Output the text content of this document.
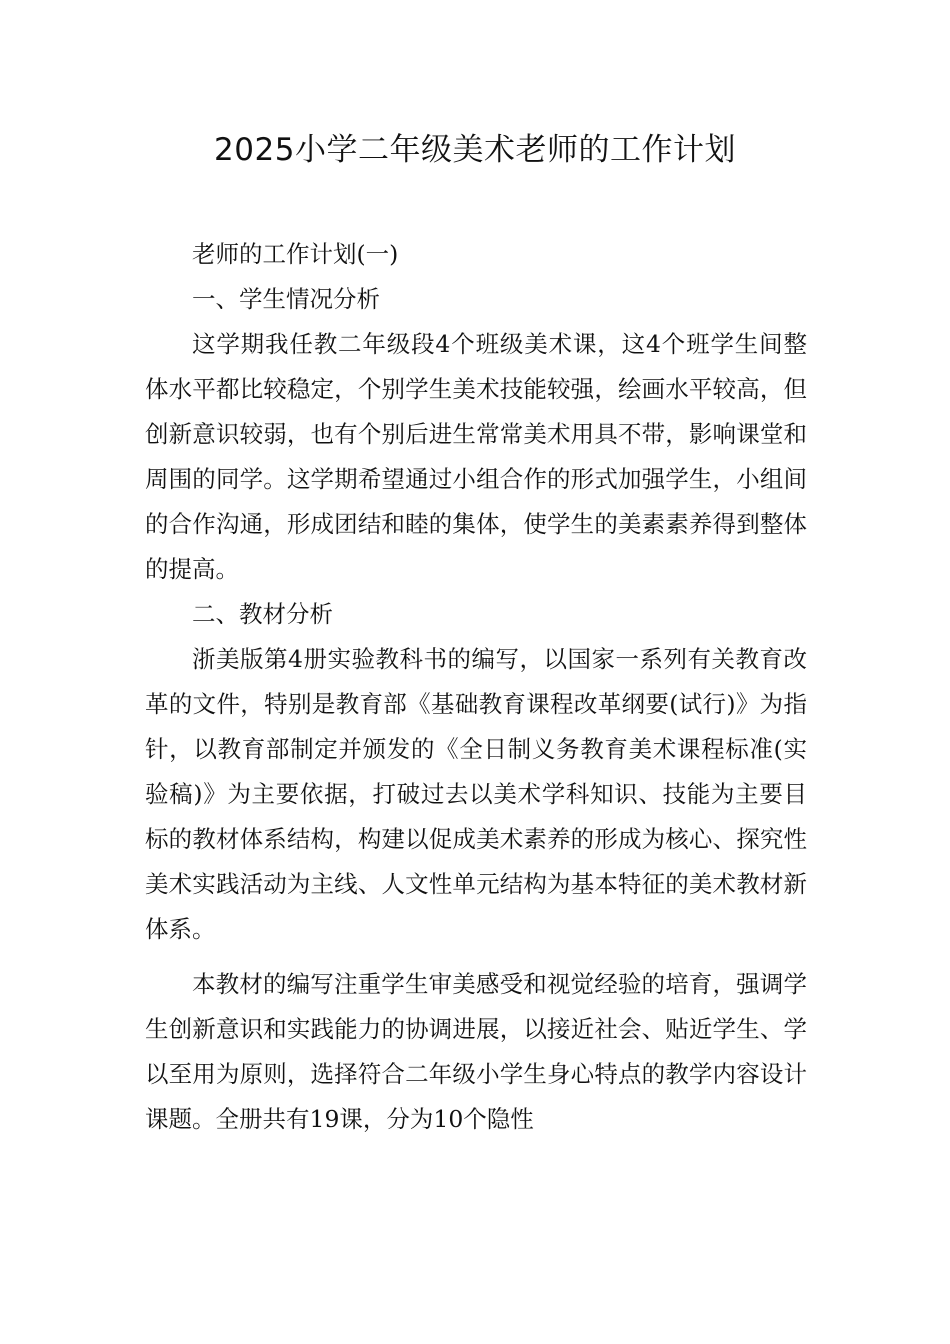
2025小学二年级美术老师的工作计划

老师的工作计划(一)

一、学生情况分析

这学期我任教二年级段4个班级美术课，这4个班学生间整体水平都比较稳定，个别学生美术技能较强，绘画水平较高，但创新意识较弱，也有个别后进生常常美术用具不带，影响课堂和周围的同学。这学期希望通过小组合作的形式加强学生，小组间的合作沟通，形成团结和睦的集体，使学生的美素素养得到整体的提高。

二、教材分析

浙美版第4册实验教科书的编写，以国家一系列有关教育改革的文件，特别是教育部《基础教育课程改革纲要(试行)》为指针，以教育部制定并颁发的《全日制义务教育美术课程标准(实验稿)》为主要依据，打破过去以美术学科知识、技能为主要目标的教材体系结构，构建以促成美术素养的形成为核心、探究性美术实践活动为主线、人文性单元结构为基本特征的美术教材新体系。

本教材的编写注重学生审美感受和视觉经验的培育，强调学生创新意识和实践能力的协调进展，以接近社会、贴近学生、学以至用为原则，选择符合二年级小学生身心特点的教学内容设计课题。全册共有19课，分为10个隐性
